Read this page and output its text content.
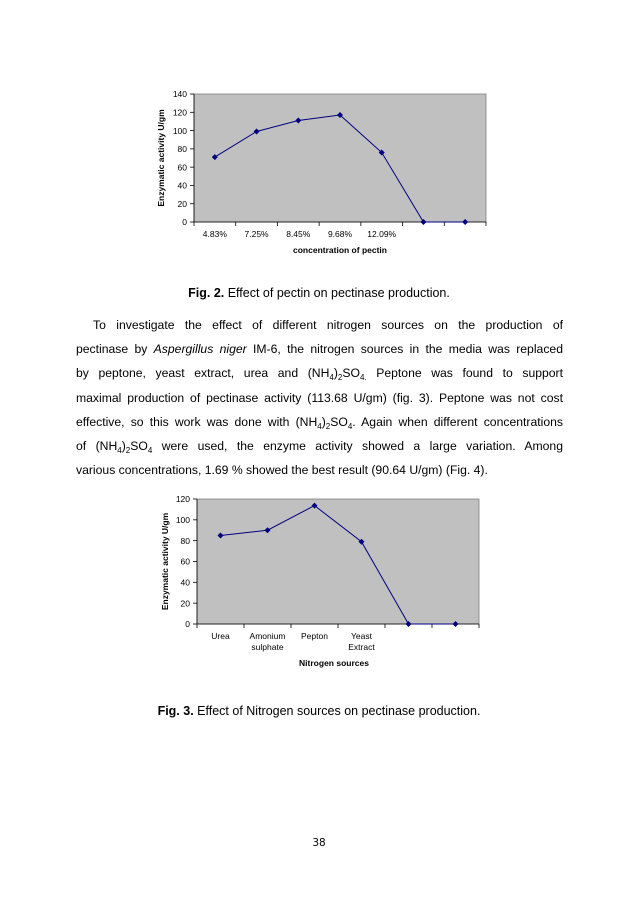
0
20
40
60
80
100
120
140
4.83% 7.25% 8.45% 9.68% 12.09%
concentration of pectin
Enzymatic activity U/gm
Fig. 2. Effect of pectin on pectinase production.
To investigate the effect of different nitrogen sources on the production of
pectinase by Aspergillus niger IM-6, the nitrogen sources in the media was replaced
by peptone, yeast extract, urea and $(NH_4)_2SO_{4.}$ Peptone was found to support
maximal production of pectinase activity (113.68 U/gm) (fig. 3). Peptone was not cost
effective, so this work was done with $(NH_4)_2SO_4$. Again when different concentrations
of $(NH_4)_2SO_4$ were used, the enzyme activity showed a large variation. Among
various concentrations, 1.69 % showed the best result (90.64 U/gm) (Fig. 4).
0
20
40
60
80
100
120
Urea Amonium
sulphate
Pepton	Yeast
Extract
Nitrogen sources
Enzymatic activity U/gm
Fig. 3. Effect of Nitrogen sources on pectinase production.
38
